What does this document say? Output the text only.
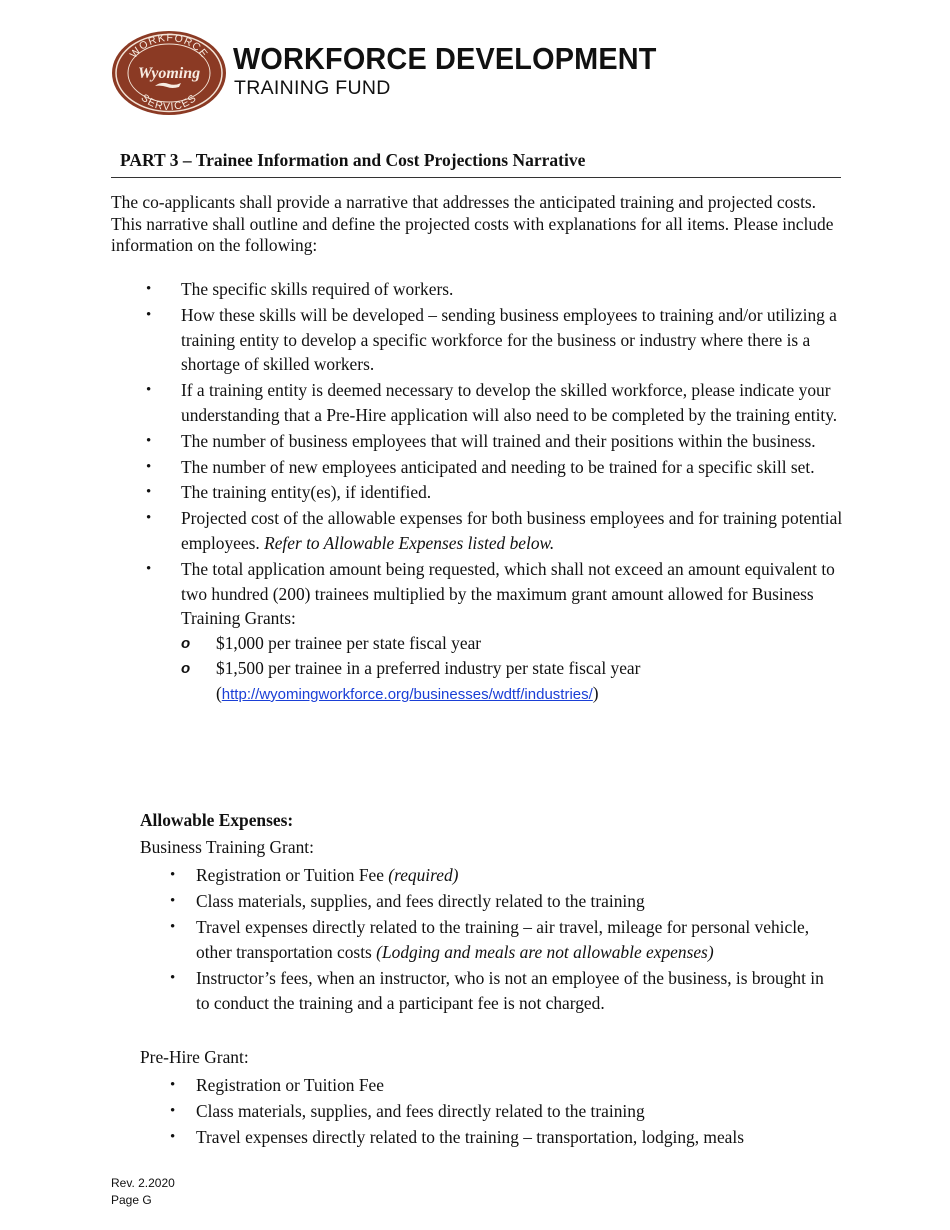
WORKFORCE
SERVICES
Wyoming WORKFORCE DEVELOPMENT
TRAINING FUND
PART 3 – Trainee Information and Cost Projections Narrative

The co-applicants shall provide a narrative that addresses the anticipated training and projected costs. This narrative shall outline and define the projected costs with explanations for all items. Please include information on the following:

• The specific skills required of workers.
• How these skills will be developed – sending business employees to training and/or utilizing a training entity to develop a specific workforce for the business or industry where there is a shortage of skilled workers.
• If a training entity is deemed necessary to develop the skilled workforce, please indicate your understanding that a Pre-Hire application will also need to be completed by the training entity.
• The number of business employees that will trained and their positions within the business.
• The number of new employees anticipated and needing to be trained for a specific skill set.
• The training entity(es), if identified.
• Projected cost of the allowable expenses for both business employees and for training potential employees. Refer to Allowable Expenses listed below.
• The total application amount being requested, which shall not exceed an amount equivalent to two hundred (200) trainees multiplied by the maximum grant amount allowed for Business Training Grants:
o $1,000 per trainee per state fiscal year
o $1,500 per trainee in a preferred industry per state fiscal year
(http://wyomingworkforce.org/businesses/wdtf/industries/)
Allowable Expenses:

Business Training Grant:

• Registration or Tuition Fee (required)
• Class materials, supplies, and fees directly related to the training
• Travel expenses directly related to the training – air travel, mileage for personal vehicle, other transportation costs (Lodging and meals are not allowable expenses)
• Instructor’s fees, when an instructor, who is not an employee of the business, is brought in to conduct the training and a participant fee is not charged.

Pre-Hire Grant:

• Registration or Tuition Fee
• Class materials, supplies, and fees directly related to the training
• Travel expenses directly related to the training – transportation, lodging, meals
Rev. 2.2020
Page G
